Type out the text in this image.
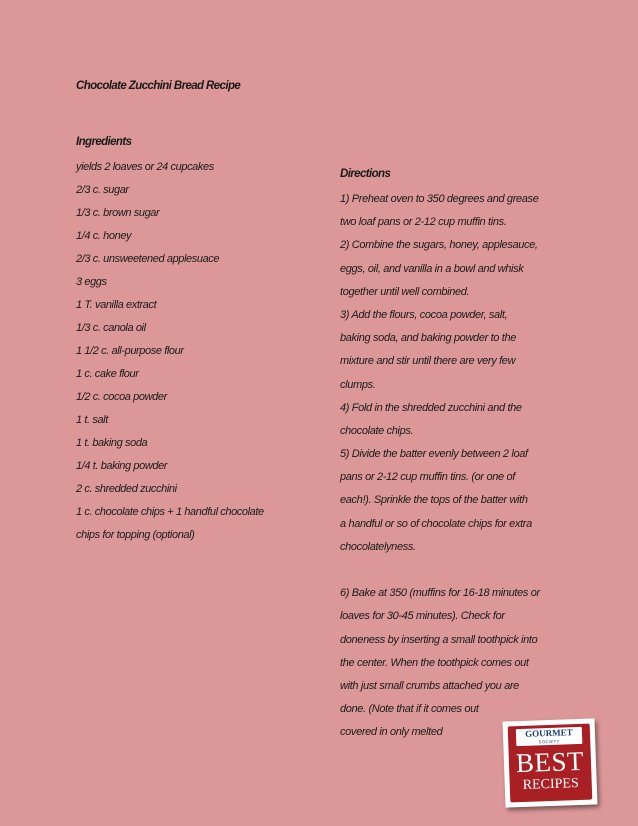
Chocolate Zucchini Bread Recipe
Ingredients
yields 2 loaves or 24 cupcakes
2/3 c. sugar
1/3 c. brown sugar
1/4 c. honey
2/3 c. unsweetened applesuace
3 eggs
1 T. vanilla extract
1/3 c. canola oil
1 1/2 c. all-purpose flour
1 c. cake flour
1/2 c. cocoa powder
1 t. salt
1 t. baking soda
1/4 t. baking powder
2 c. shredded zucchini
1 c. chocolate chips + 1 handful chocolate
chips for topping (optional)
Directions
1) Preheat oven to 350 degrees and grease
two loaf pans or 2-12 cup muffin tins.
2) Combine the sugars, honey, applesauce,
eggs, oil, and vanilla in a bowl and whisk
together until well combined.
3) Add the flours, cocoa powder, salt,
baking soda, and baking powder to the
mixture and stir until there are very few
clumps.
4) Fold in the shredded zucchini and the
chocolate chips.
5) Divide the batter evenly between 2 loaf
pans or 2-12 cup muffin tins. (or one of
each!). Sprinkle the tops of the batter with
a handful or so of chocolate chips for extra
chocolatelyness.
6) Bake at 350 (muffins for 16-18 minutes or
loaves for 30-45 minutes). Check for
doneness by inserting a small toothpick into
the center. When the toothpick comes out
with just small crumbs attached you are
done. (Note that if it comes out
covered in only melted	GOURMET
SOCIETY
BEST
RECIPES
